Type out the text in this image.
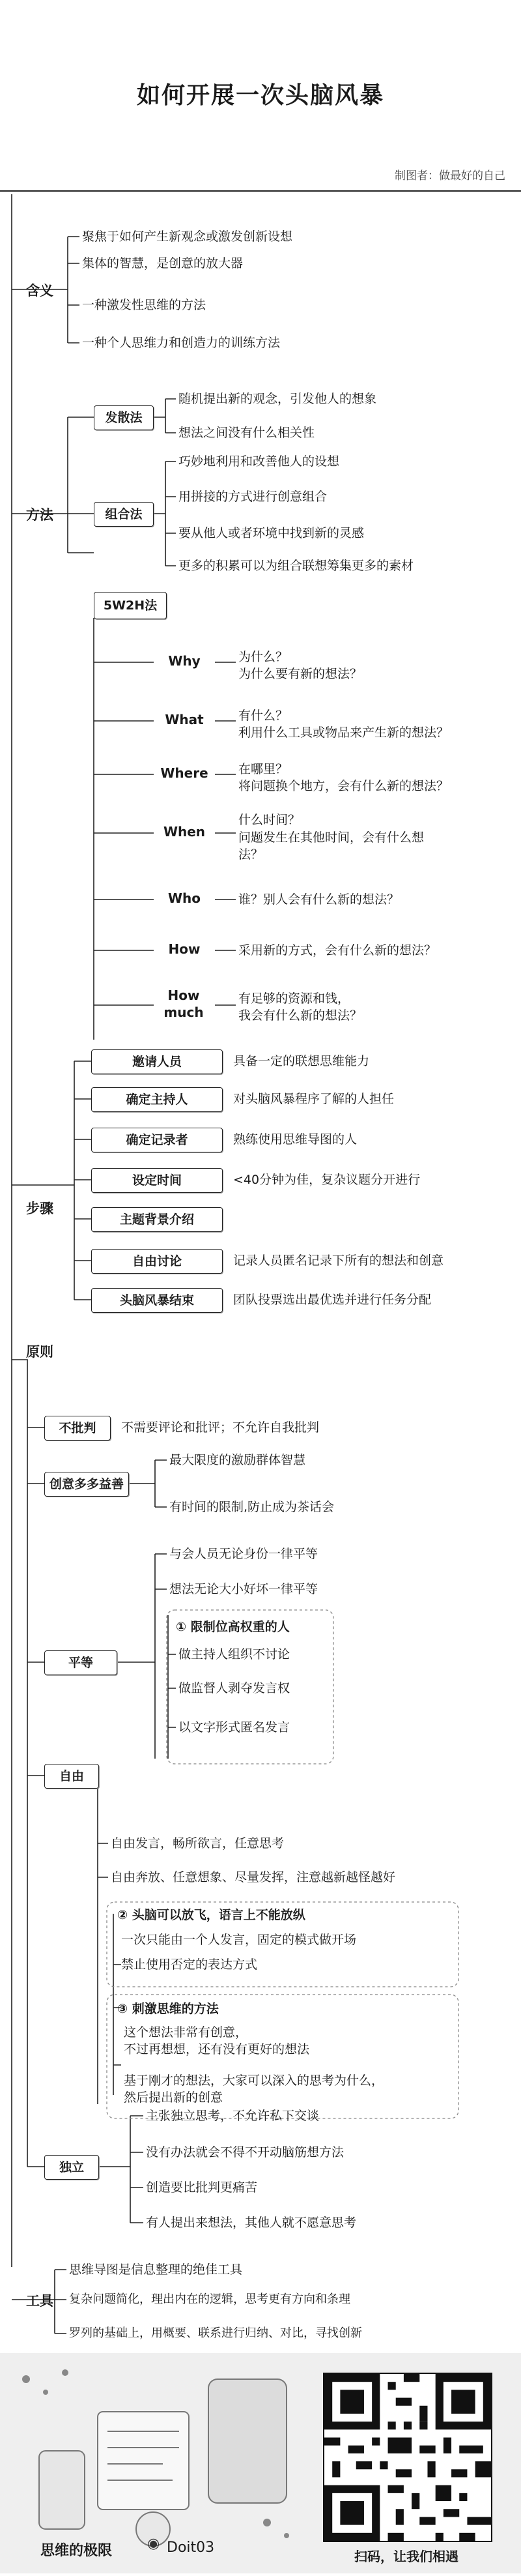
如何开展一次头脑风暴
制图者：做最好的自己
含义
聚焦于如何产生新观念或激发创新设想
集体的智慧，是创意的放大器
一种激发性思维的方法
一种个人思维力和创造力的训练方法
方法
发散法
随机提出新的观念，引发他人的想象
想法之间没有什么相关性
组合法
巧妙地利用和改善他人的设想
用拼接的方式进行创意组合
要从他人或者环境中找到新的灵感
更多的积累可以为组合联想筹集更多的素材
5W2H法
Why	为什么？
为什么要有新的想法？
What	有什么？
利用什么工具或物品来产生新的想法？
Where	在哪里？
将问题换个地方，会有什么新的想法？
When
什么时间？
问题发生在其他时间，会有什么想法？
Who	谁？别人会有什么新的想法？
How	采用新的方式，会有什么新的想法？
How much
有足够的资源和钱，
我会有什么新的想法？
步骤
邀请人员	具备一定的联想思维能力
确定主持人	对头脑风暴程序了解的人担任
确定记录者	熟练使用思维导图的人
设定时间	<40分钟为佳，复杂议题分开进行
主题背景介绍
自由讨论	记录人员匿名记录下所有的想法和创意
头脑风暴结束	团队投票选出最优选并进行任务分配
原则
不批判	不需要评论和批评；不允许自我批判
创意多多益善
最大限度的激励群体智慧
有时间的限制,防止成为茶话会
平等
与会人员无论身份一律平等
想法无论大小好坏一律平等
① 限制位高权重的人
做主持人组织不讨论
做监督人剥夺发言权
以文字形式匿名发言
自由
自由发言，畅所欲言，任意思考
自由奔放、任意想象、尽量发挥，注意越新越怪越好
② 头脑可以放飞，语言上不能放纵
一次只能由一个人发言，固定的模式做开场
禁止使用否定的表达方式
③ 刺激思维的方法
这个想法非常有创意，
不过再想想，还有没有更好的想法
基于刚才的想法，大家可以深入的思考为什么，
然后提出新的创意
独立
主张独立思考，不允许私下交谈
没有办法就会不得不开动脑筋想方法
创造要比批判更痛苦
有人提出来想法，其他人就不愿意思考
工具
思维导图是信息整理的绝佳工具
复杂问题简化，理出内在的逻辑，思考更有方向和条理
罗列的基础上，用概要、联系进行归纳、对比，寻找创新
思维的极限 ◉ Doit03
扫码，让我们相遇
